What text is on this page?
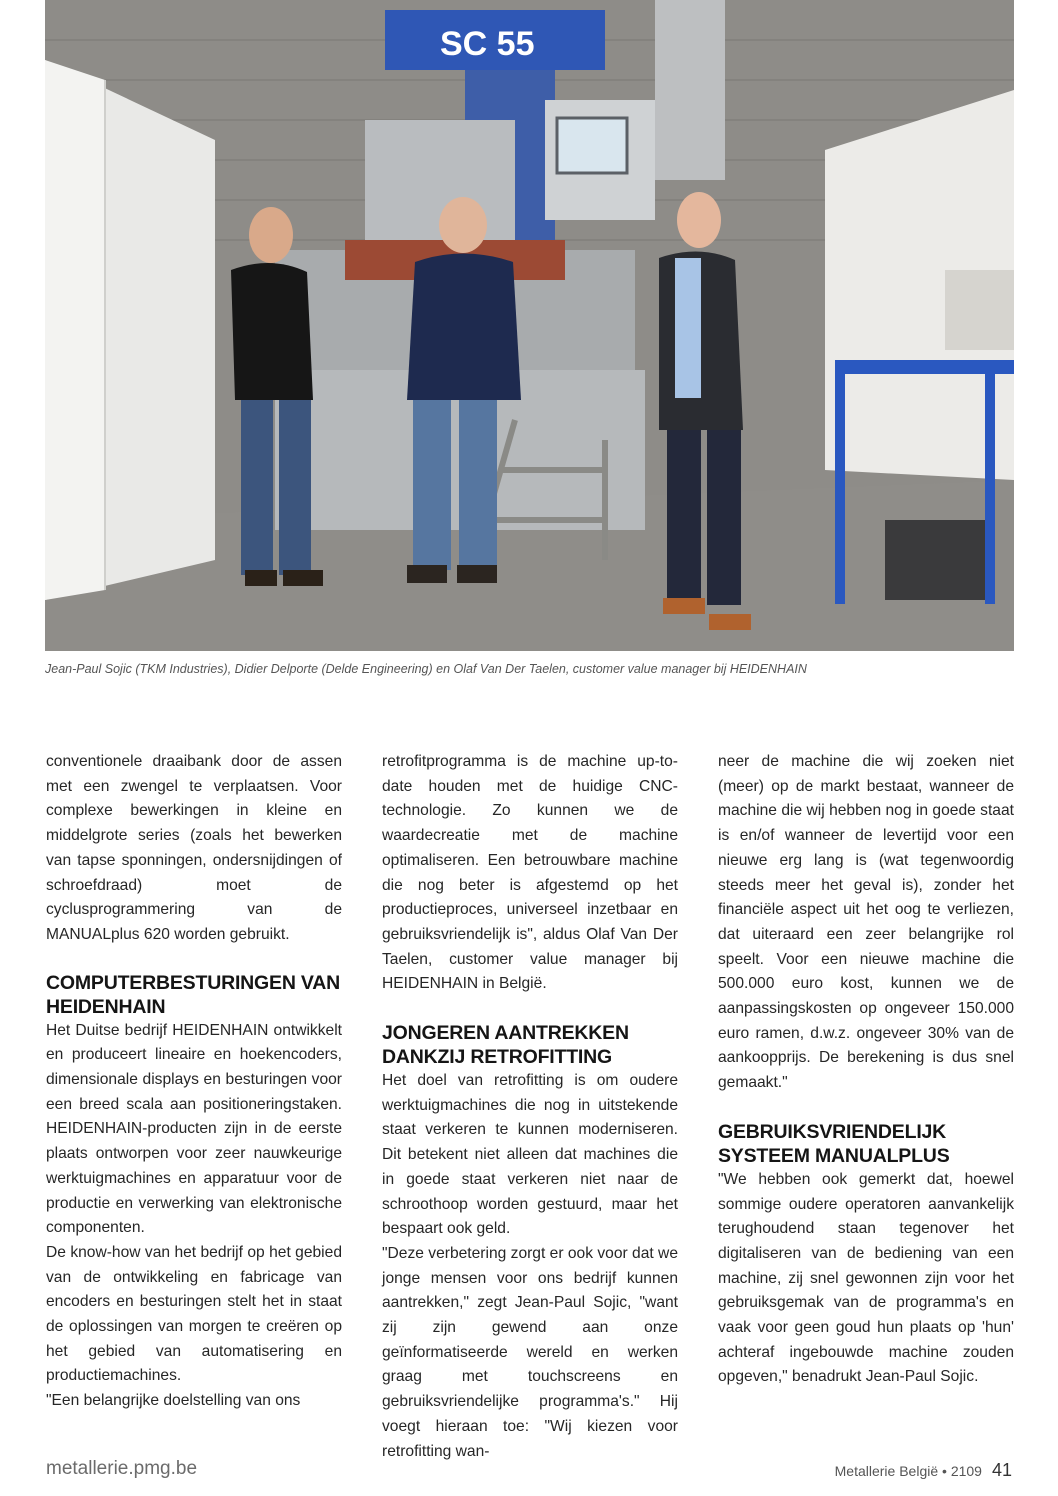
SC 55
Jean-Paul Sojic (TKM Industries), Didier Delporte (Delde Engineering) en Olaf Van Der Taelen, customer value manager bij HEIDENHAIN

conventionele draaibank door de assen met een zwengel te verplaatsen. Voor complexe bewerkingen in kleine en middelgrote series (zoals het bewerken van tapse sponningen, ondersnijdingen of schroefdraad) moet de cyclusprogrammering van de MANUALplus 620 worden gebruikt.

COMPUTERBESTURINGEN VAN HEIDENHAIN

Het Duitse bedrijf HEIDENHAIN ontwikkelt en produceert lineaire en hoekencoders, dimensionale displays en besturingen voor een breed scala aan positioneringstaken. HEIDENHAIN-producten zijn in de eerste plaats ontworpen voor zeer nauwkeurige werktuigmachines en apparatuur voor de productie en verwerking van elektronische componenten.

De know-how van het bedrijf op het gebied van de ontwikkeling en fabricage van encoders en besturingen stelt het in staat de oplossingen van morgen te creëren op het gebied van automatisering en productiemachines.

"Een belangrijke doelstelling van ons

retrofitprogramma is de machine up-to-date houden met de huidige CNC-technologie. Zo kunnen we de waardecreatie met de machine optimaliseren. Een betrouwbare machine die nog beter is afgestemd op het productieproces, universeel inzetbaar en gebruiksvriendelijk is", aldus Olaf Van Der Taelen, customer value manager bij HEIDENHAIN in België.

JONGEREN AANTREKKEN DANKZIJ RETROFITTING

Het doel van retrofitting is om oudere werktuigmachines die nog in uitstekende staat verkeren te kunnen moderniseren. Dit betekent niet alleen dat machines die in goede staat verkeren niet naar de schroothoop worden gestuurd, maar het bespaart ook geld.

"Deze verbetering zorgt er ook voor dat we jonge mensen voor ons bedrijf kunnen aantrekken," zegt Jean-Paul Sojic, "want zij zijn gewend aan onze geïnformatiseerde wereld en werken graag met touchscreens en gebruiksvriendelijke programma's." Hij voegt hieraan toe: "Wij kiezen voor retrofitting wan-

neer de machine die wij zoeken niet (meer) op de markt bestaat, wanneer de machine die wij hebben nog in goede staat is en/of wanneer de levertijd voor een nieuwe erg lang is (wat tegenwoordig steeds meer het geval is), zonder het financiële aspect uit het oog te verliezen, dat uiteraard een zeer belangrijke rol speelt. Voor een nieuwe machine die 500.000 euro kost, kunnen we de aanpassingskosten op ongeveer 150.000 euro ramen, d.w.z. ongeveer 30% van de aankoopprijs. De berekening is dus snel gemaakt."

GEBRUIKSVRIENDELIJK SYSTEEM MANUALPLUS

"We hebben ook gemerkt dat, hoewel sommige oudere operatoren aanvankelijk terughoudend staan tegenover het digitaliseren van de bediening van een machine, zij snel gewonnen zijn voor het gebruiksgemak van de programma's en vaak voor geen goud hun plaats op 'hun' achteraf ingebouwde machine zouden opgeven," benadrukt Jean-Paul Sojic.

metallerie.pmg.be	Metallerie België • 2109 41
